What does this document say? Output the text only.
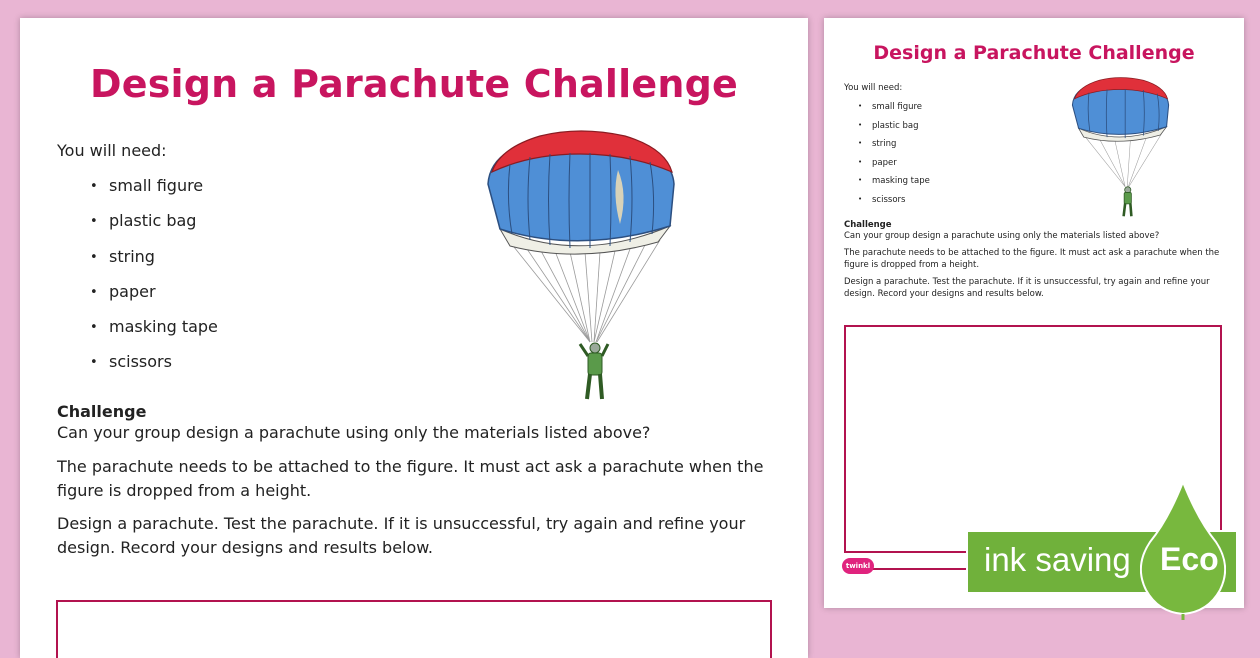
Design a Parachute Challenge

You will need:

• small figure
• plastic bag
• string
• paper
• masking tape
• scissors
Challenge

Can your group design a parachute using only the materials listed above?

The parachute needs to be attached to the figure. It must act ask a parachute when the figure is dropped from a height.

Design a parachute. Test the parachute. If it is unsuccessful, try again and refine your design. Record your designs and results below.

Design a Parachute Challenge

You will need:

• small figure
• plastic bag
• string
• paper
• masking tape
• scissors
Challenge

Can your group design a parachute using only the materials listed above?

The parachute needs to be attached to the figure. It must act ask a parachute when the figure is dropped from a height.

Design a parachute. Test the parachute. If it is unsuccessful, try again and refine your design. Record your designs and results below.

twinkl	ink saving Eco
